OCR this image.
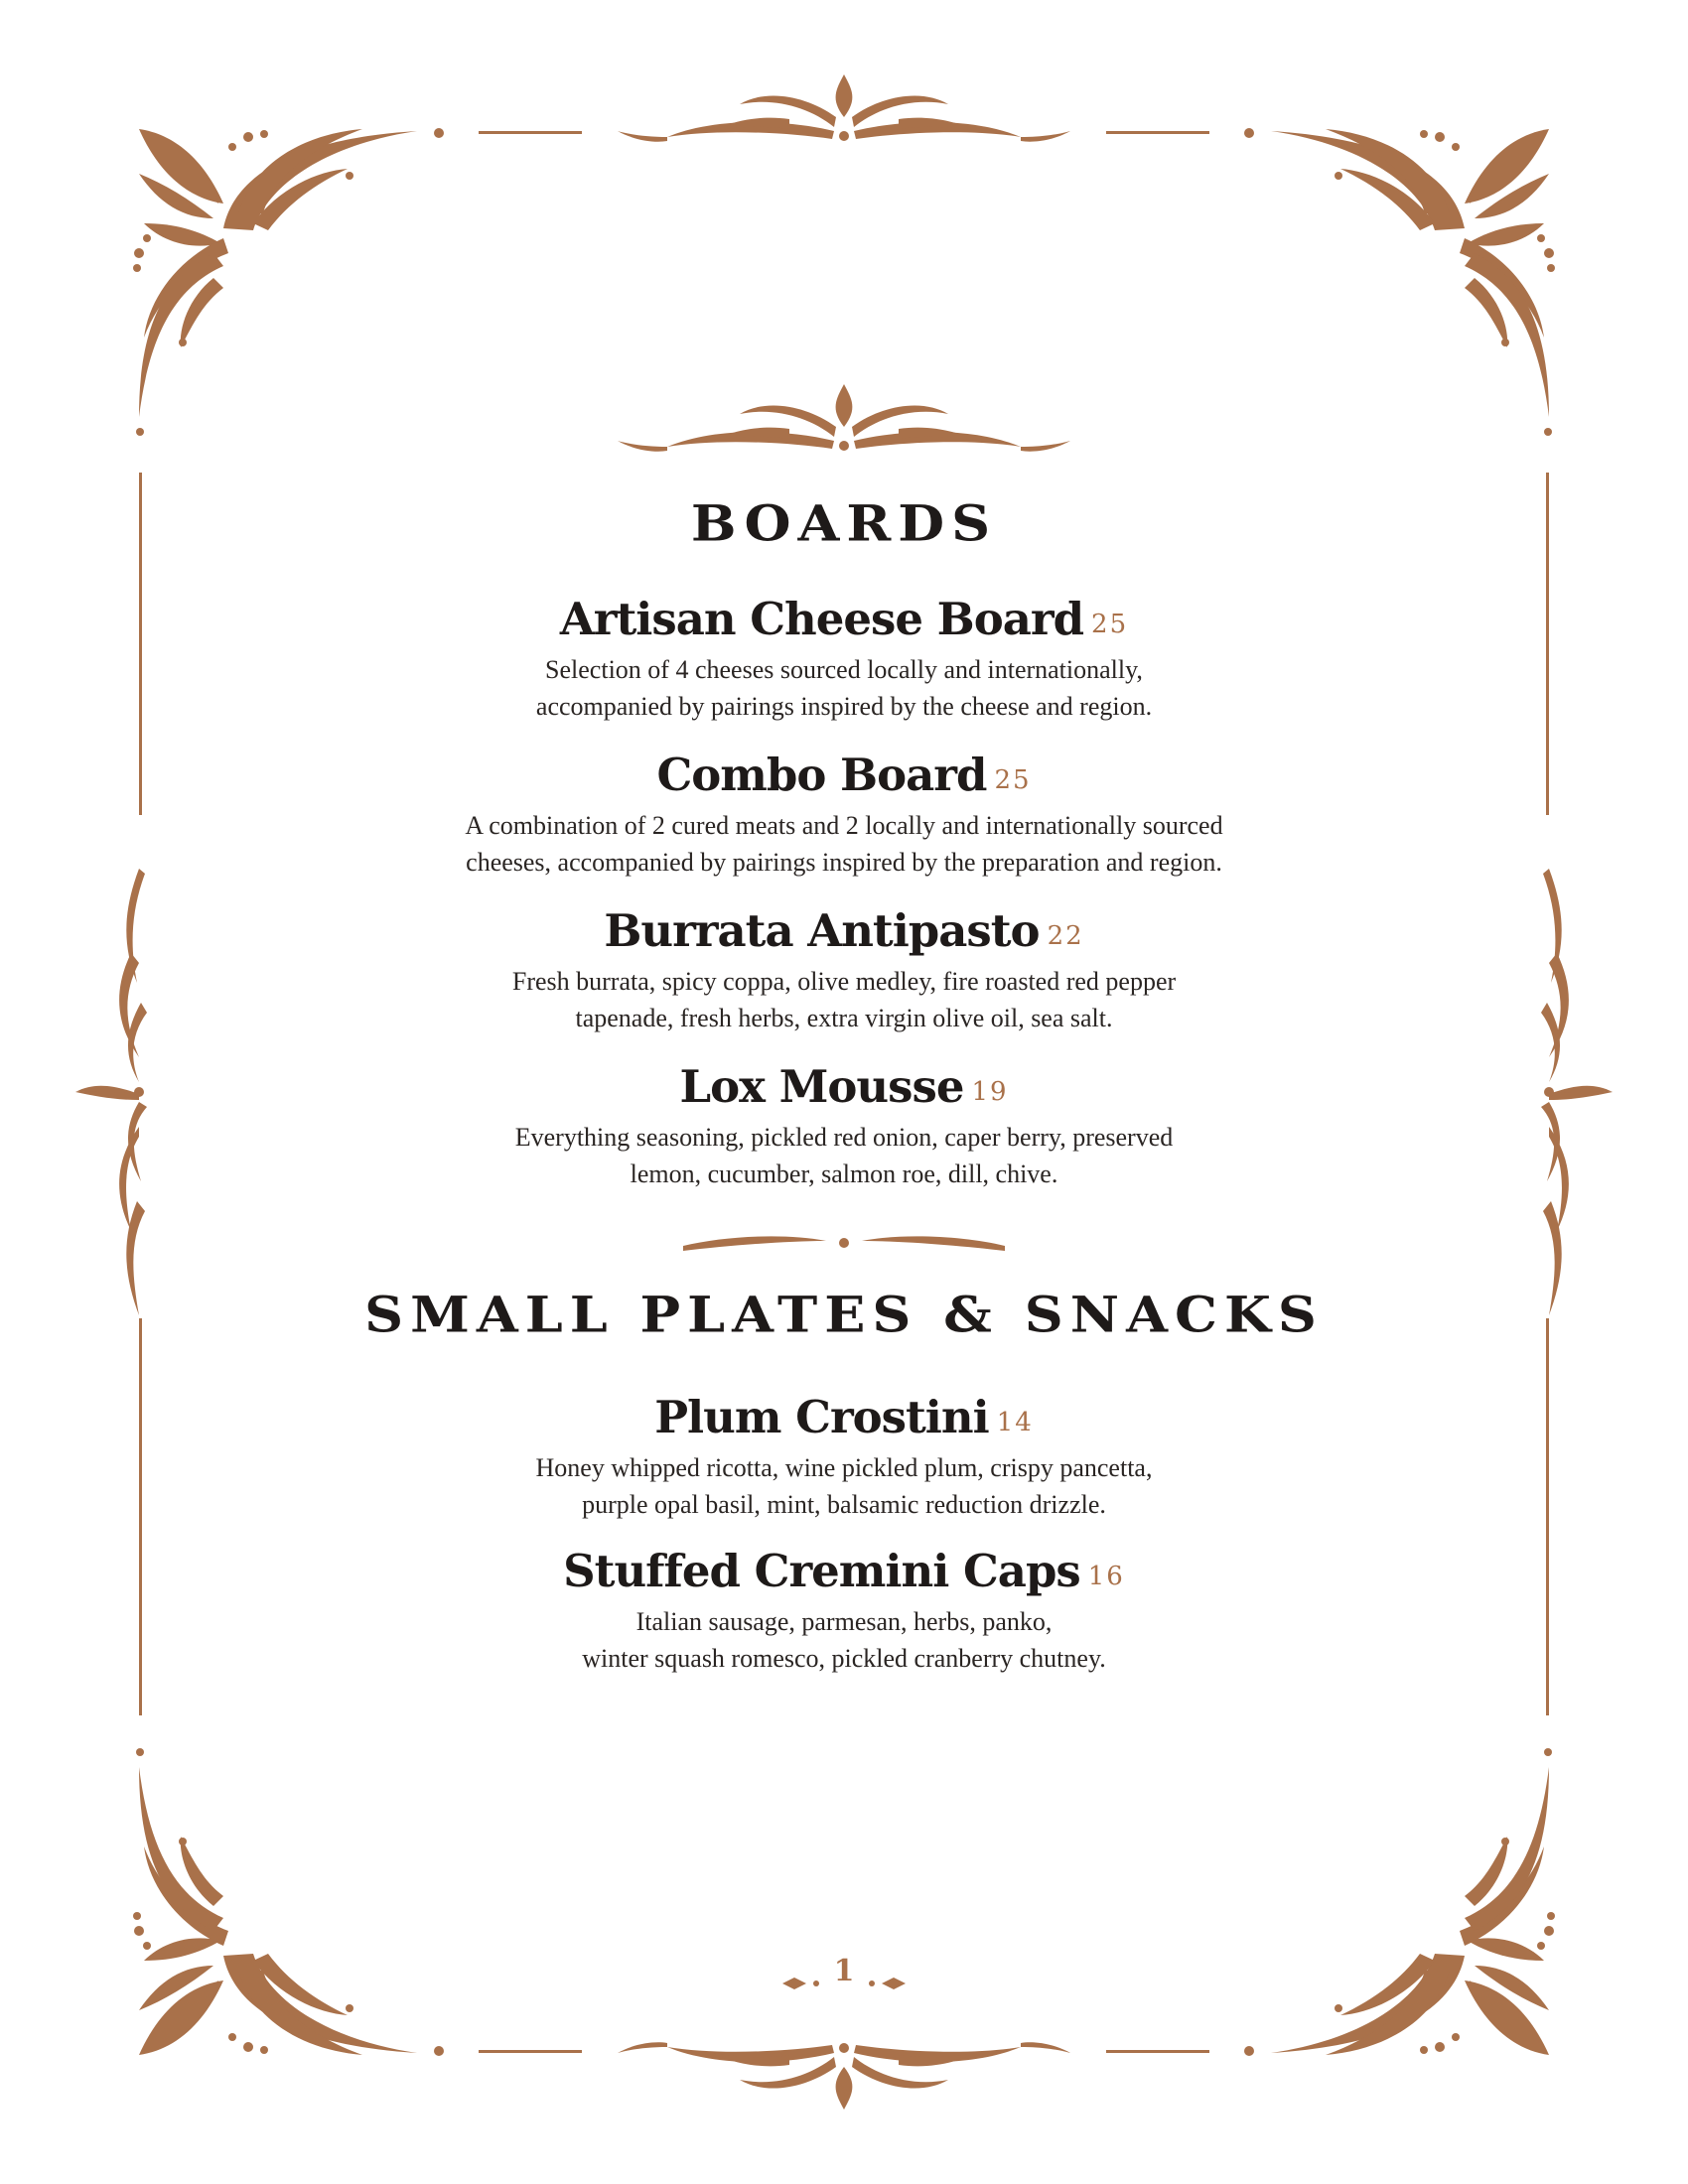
BOARDS
Artisan Cheese Board 25
Selection of 4 cheeses sourced locally and internationally,
accompanied by pairings inspired by the cheese and region.
Combo Board 25
A combination of 2 cured meats and 2 locally and internationally sourced
cheeses, accompanied by pairings inspired by the preparation and region.
Burrata Antipasto 22
Fresh burrata, spicy coppa, olive medley, fire roasted red pepper
tapenade, fresh herbs, extra virgin olive oil, sea salt.
Lox Mousse 19
Everything seasoning, pickled red onion, caper berry, preserved
lemon, cucumber, salmon roe, dill, chive.
SMALL PLATES & SNACKS
Plum Crostini 14
Honey whipped ricotta, wine pickled plum, crispy pancetta,
purple opal basil, mint, balsamic reduction drizzle.
Stuffed Cremini Caps 16
Italian sausage, parmesan, herbs, panko,
winter squash romesco, pickled cranberry chutney.
1
